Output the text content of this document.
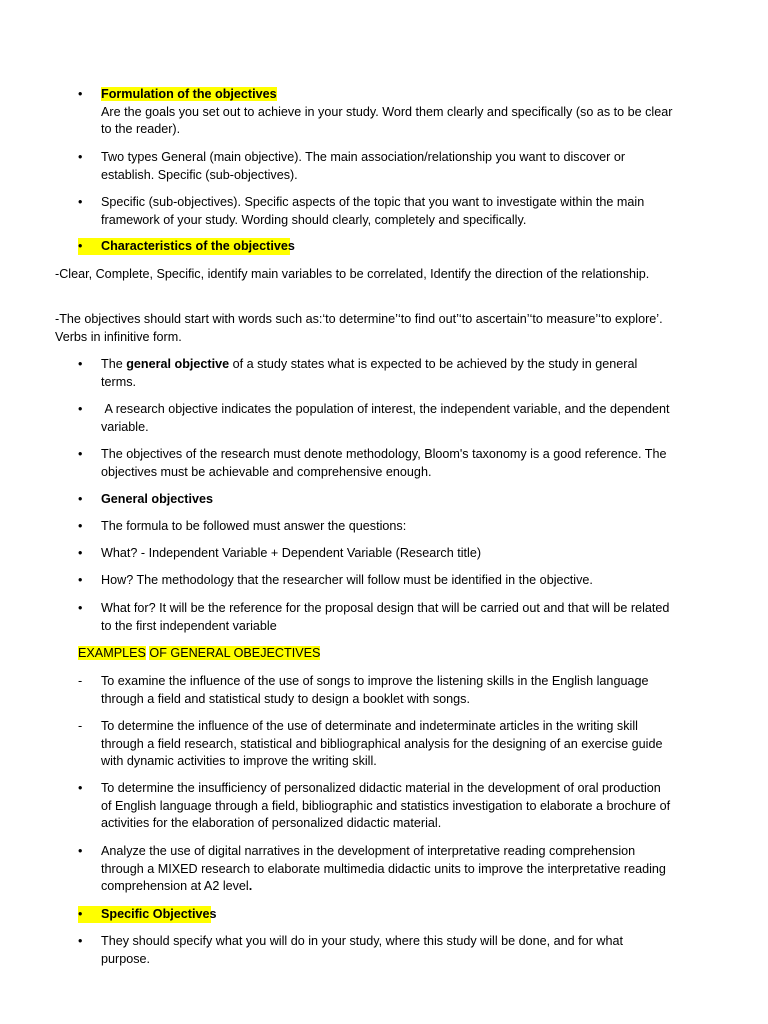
•	Formulation of the objectives
Are the goals you set out to achieve in your study. Word them clearly and specifically (so as to be clear to the reader).
•	Two types General (main objective). The main association/relationship you want to discover or establish. Specific (sub-objectives).
•	Specific (sub-objectives). Specific aspects of the topic that you want to investigate within the main framework of your study. Wording should clearly, completely and specifically.
•	Characteristics of the objectives
-Clear, Complete, Specific, identify main variables to be correlated, Identify the direction of the relationship.
-The objectives should start with words such as:‘to determine’‘to find out’‘to ascertain’‘to measure’‘to explore’. Verbs in infinitive form.
•	The general objective of a study states what is expected to be achieved by the study in general terms.
•	A research objective indicates the population of interest, the independent variable, and the dependent variable.
•	The objectives of the research must denote methodology, Bloom's taxonomy is a good reference. The objectives must be achievable and comprehensive enough.
•	General objectives
•	The formula to be followed must answer the questions:
•	What? - Independent Variable + Dependent Variable (Research title)
•	How? The methodology that the researcher will follow must be identified in the objective.
•	What for? It will be the reference for the proposal design that will be carried out and that will be related to the first independent variable
EXAMPLES OF GENERAL OBEJECTIVES
-	To examine the influence of the use of songs to improve the listening skills in the English language through a field and statistical study to design a booklet with songs.
-	To determine the influence of the use of determinate and indeterminate articles in the writing skill through a field research, statistical and bibliographical analysis for the designing of an exercise guide with dynamic activities to improve the writing skill.
•	To determine the insufficiency of personalized didactic material in the development of oral production of English language through a field, bibliographic and statistics investigation to elaborate a brochure of activities for the elaboration of personalized didactic material.
•	Analyze the use of digital narratives in the development of interpretative reading comprehension through a MIXED research to elaborate multimedia didactic units to improve the interpretative reading comprehension at A2 level.
•	Specific Objectives
•	They should specify what you will do in your study, where this study will be done, and for what purpose.
